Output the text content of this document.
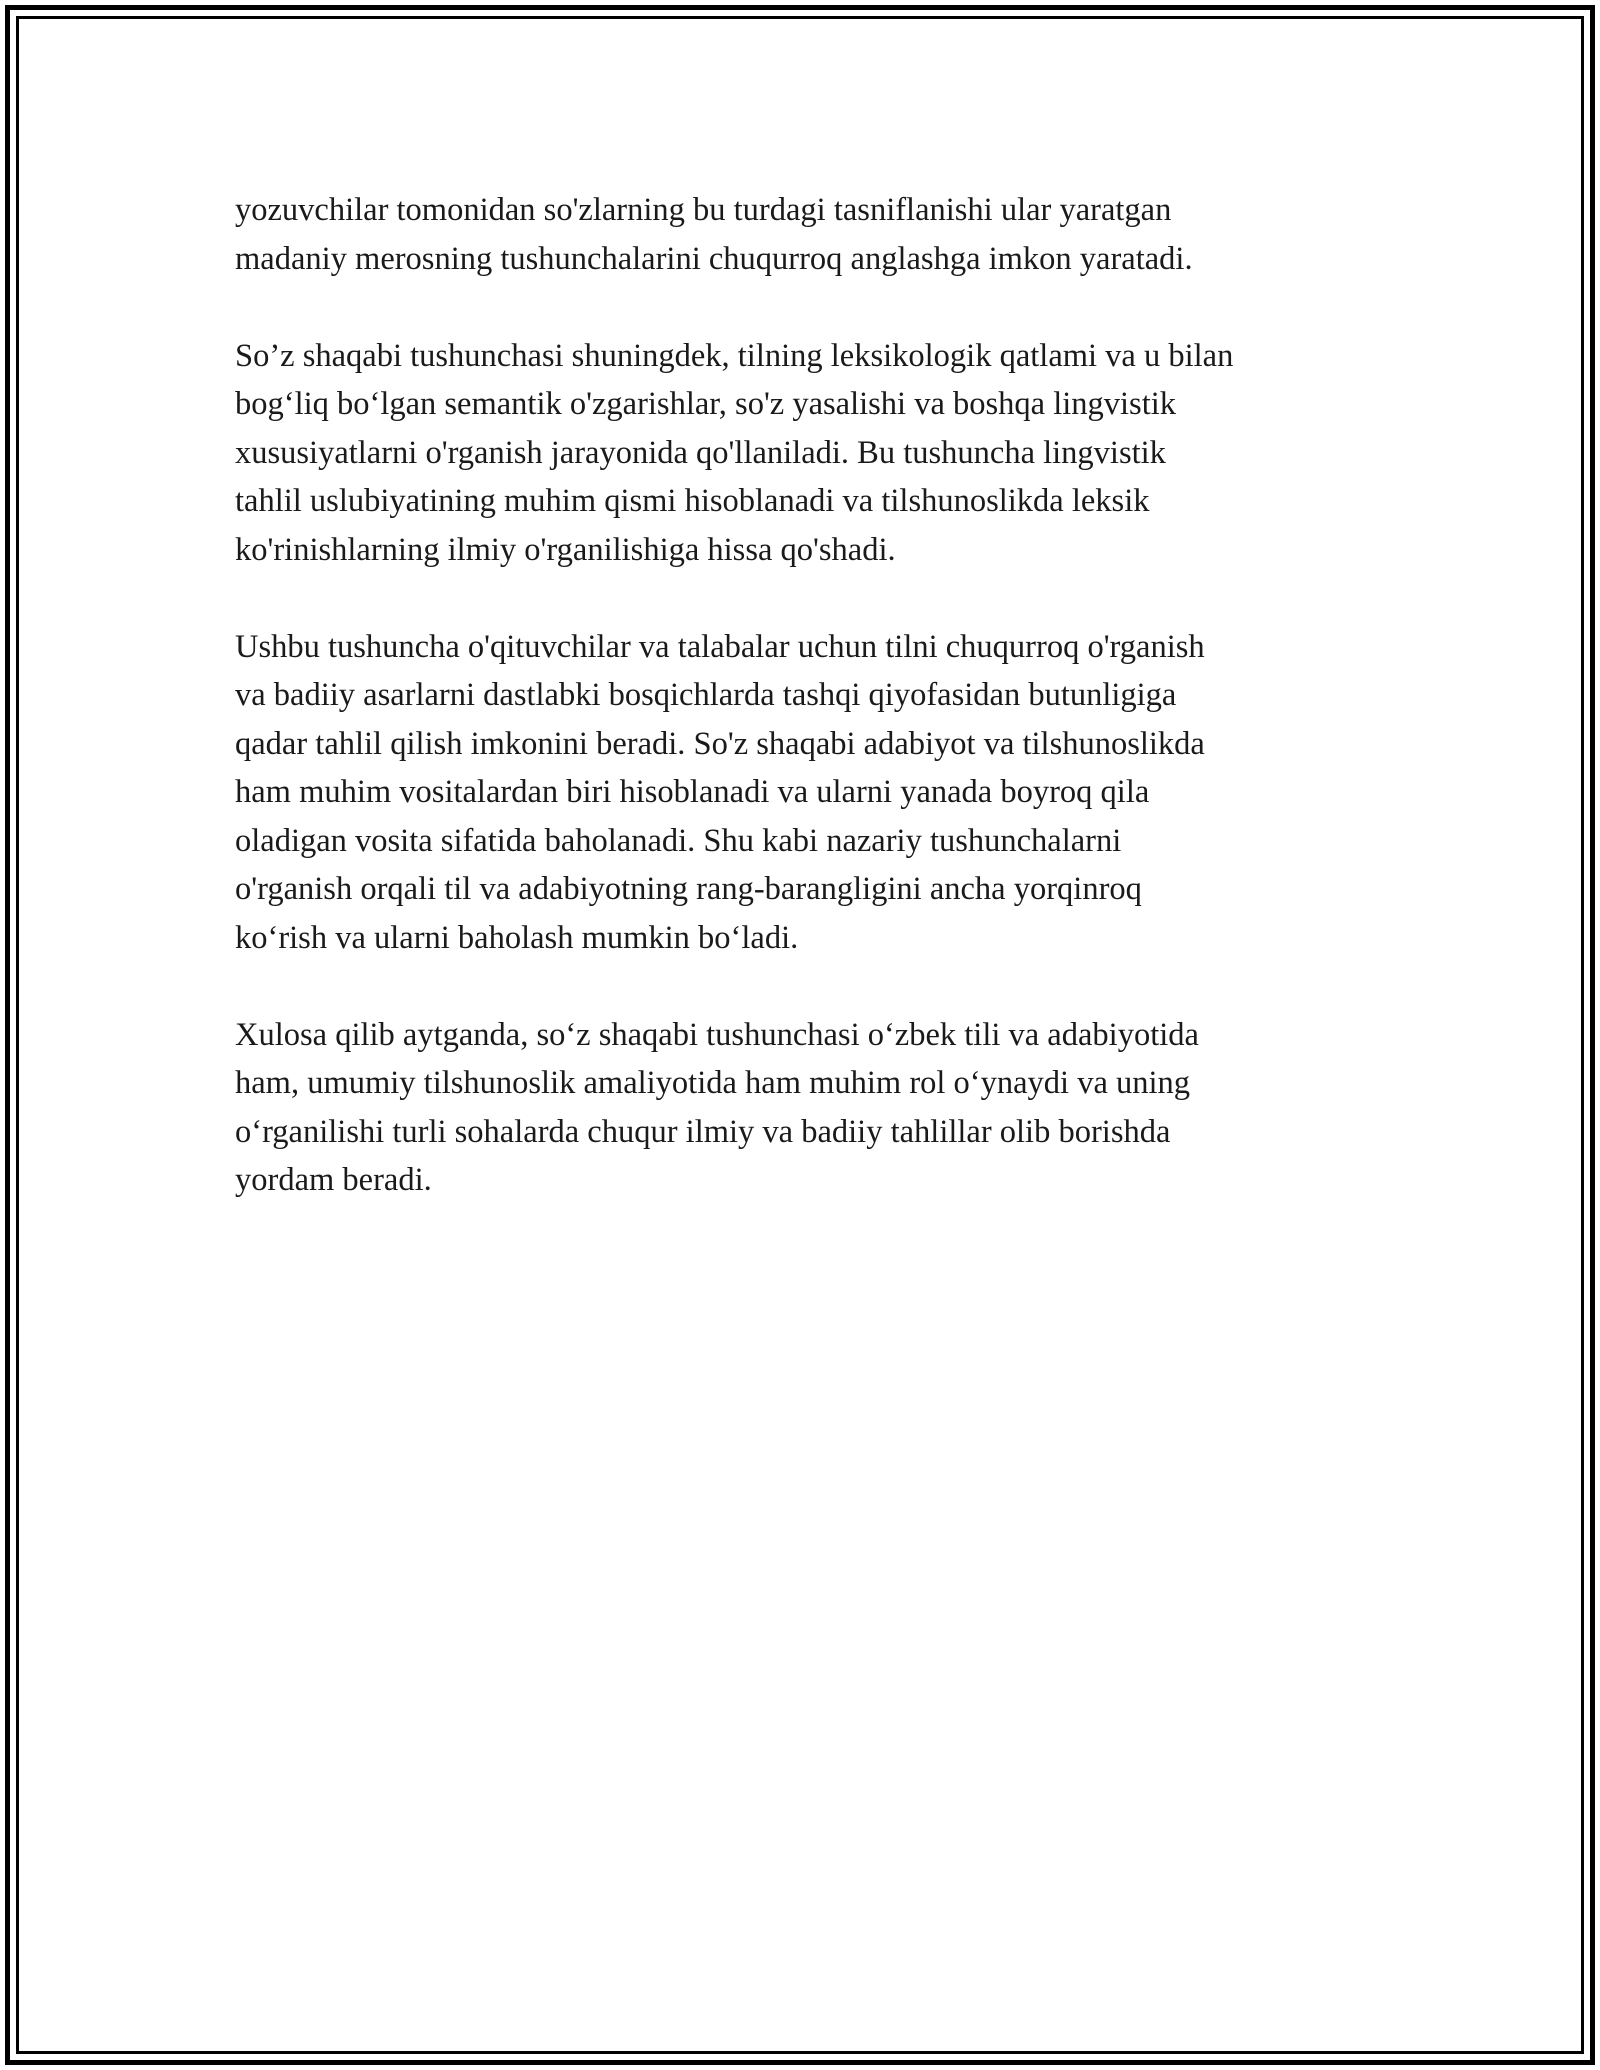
yozuvchilar tomonidan so'zlarning bu turdagi tasniflanishi ular yaratgan
madaniy merosning tushunchalarini chuqurroq anglashga imkon yaratadi.

So’z shaqabi tushunchasi shuningdek, tilning leksikologik qatlami va u bilan
bog‘liq bo‘lgan semantik o'zgarishlar, so'z yasalishi va boshqa lingvistik
xususiyatlarni o'rganish jarayonida qo'llaniladi. Bu tushuncha lingvistik
tahlil uslubiyatining muhim qismi hisoblanadi va tilshunoslikda leksik
ko'rinishlarning ilmiy o'rganilishiga hissa qo'shadi.

Ushbu tushuncha o'qituvchilar va talabalar uchun tilni chuqurroq o'rganish
va badiiy asarlarni dastlabki bosqichlarda tashqi qiyofasidan butunligiga
qadar tahlil qilish imkonini beradi. So'z shaqabi adabiyot va tilshunoslikda
ham muhim vositalardan biri hisoblanadi va ularni yanada boyroq qila
oladigan vosita sifatida baholanadi. Shu kabi nazariy tushunchalarni
o'rganish orqali til va adabiyotning rang-barangligini ancha yorqinroq
ko‘rish va ularni baholash mumkin bo‘ladi.

Xulosa qilib aytganda, so‘z shaqabi tushunchasi o‘zbek tili va adabiyotida
ham, umumiy tilshunoslik amaliyotida ham muhim rol o‘ynaydi va uning
o‘rganilishi turli sohalarda chuqur ilmiy va badiiy tahlillar olib borishda
yordam beradi.
